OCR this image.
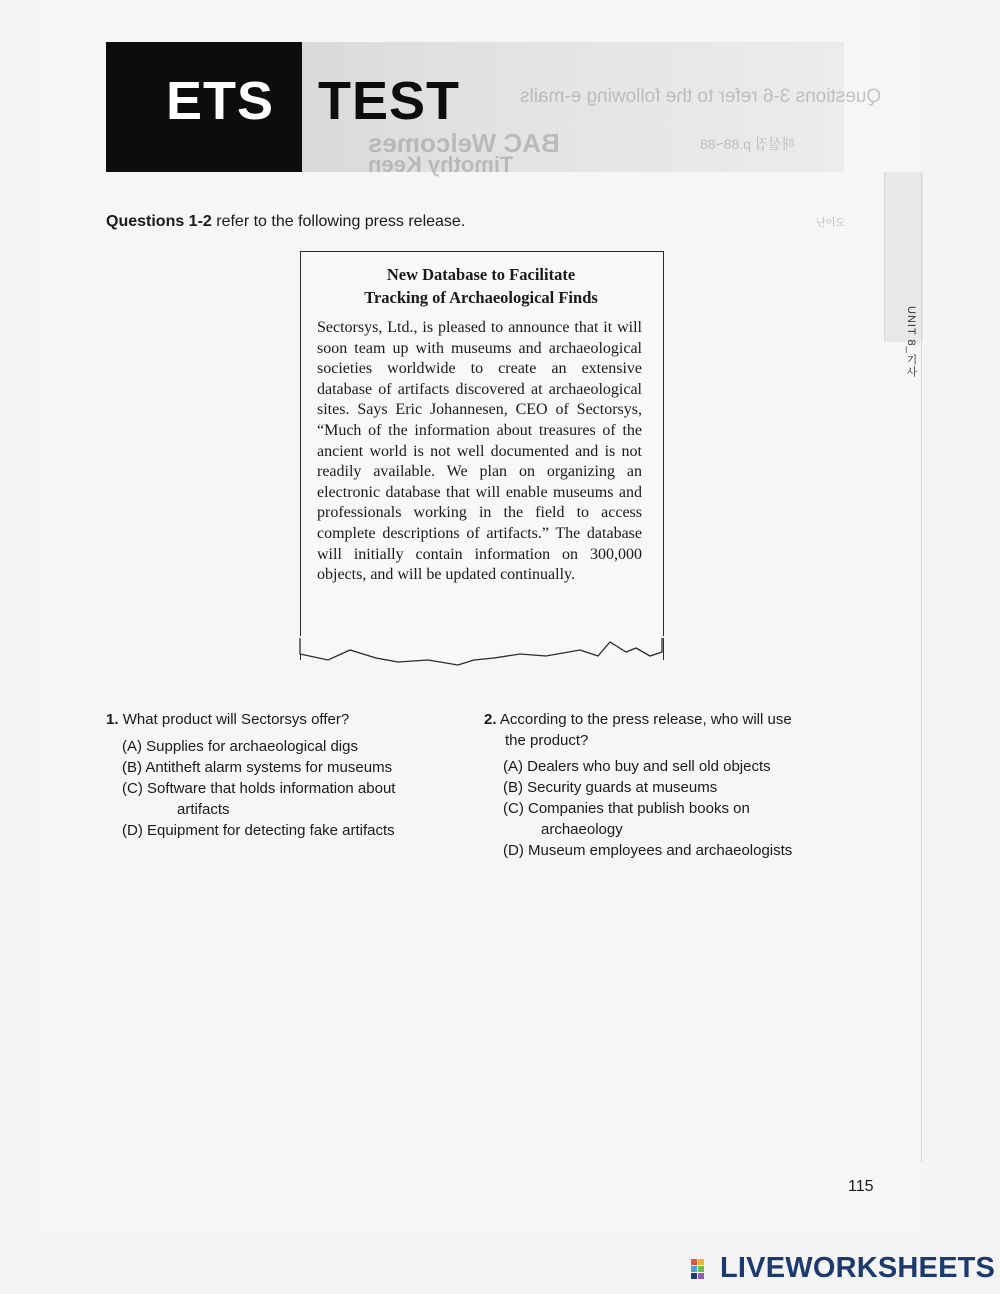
ETS TEST	Questions 3-6 refer to the following e-mails
BAC Welcomes
Timothy Keen
해설집 p.88~88
UNIT 8_기사
난이도
Questions 1-2 refer to the following press release.
New Database to Facilitate
Tracking of Archaeological Finds
Sectorsys, Ltd., is pleased to announce that it will soon team up with museums and archaeological societies worldwide to create an extensive database of artifacts discovered at archaeological sites. Says Eric Johannesen, CEO of Sectorsys, “Much of the information about treasures of the ancient world is not well documented and is not readily available. We plan on organizing an electronic database that will enable museums and professionals working in the field to access complete descriptions of artifacts.” The database will initially contain information on 300,000 objects, and will be updated continually.
1. What product will Sectorsys offer?
(A) Supplies for archaeological digs
(B) Antitheft alarm systems for museums
(C) Software that holds information about
artifacts
(D) Equipment for detecting fake artifacts
2. According to the press release, who will use
the product?
(A) Dealers who buy and sell old objects
(B) Security guards at museums
(C) Companies that publish books on
archaeology
(D) Museum employees and archaeologists
115
LIVEWORKSHEETS
